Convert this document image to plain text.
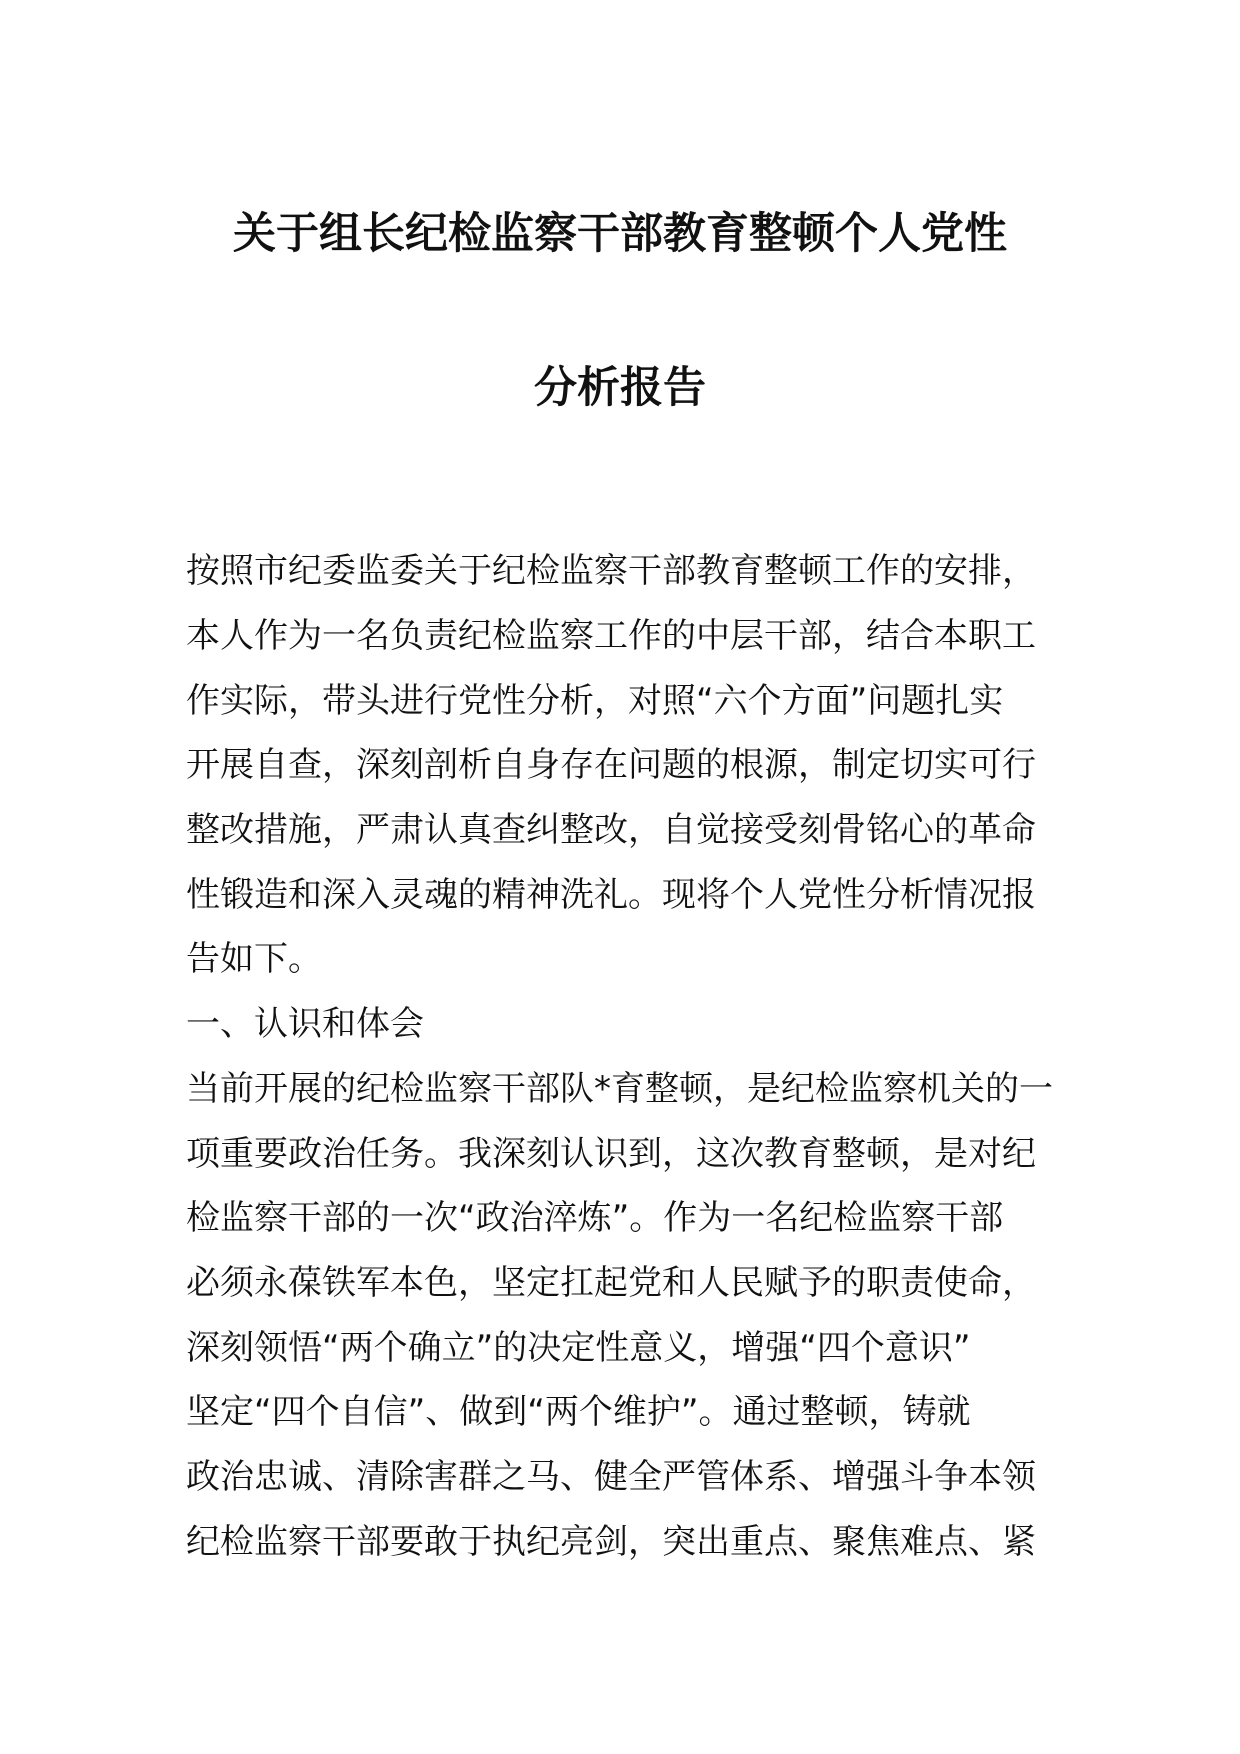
关于组长纪检监察干部教育整顿个人党性
分析报告
按照市纪委监委关于纪检监察干部教育整顿工作的安排，
本人作为一名负责纪检监察工作的中层干部，结合本职工
作实际，带头进行党性分析，对照“六个方面”问题扎实
开展自查，深刻剖析自身存在问题的根源，制定切实可行
整改措施，严肃认真查纠整改，自觉接受刻骨铭心的革命
性锻造和深入灵魂的精神洗礼。现将个人党性分析情况报
告如下。
一、认识和体会
当前开展的纪检监察干部队*育整顿，是纪检监察机关的一
项重要政治任务。我深刻认识到，这次教育整顿，是对纪
检监察干部的一次“政治淬炼”。作为一名纪检监察干部
必须永葆铁军本色，坚定扛起党和人民赋予的职责使命，
深刻领悟“两个确立”的决定性意义，增强“四个意识”
坚定“四个自信”、做到“两个维护”。通过整顿，铸就
政治忠诚、清除害群之马、健全严管体系、增强斗争本领
纪检监察干部要敢于执纪亮剑，突出重点、聚焦难点、紧
